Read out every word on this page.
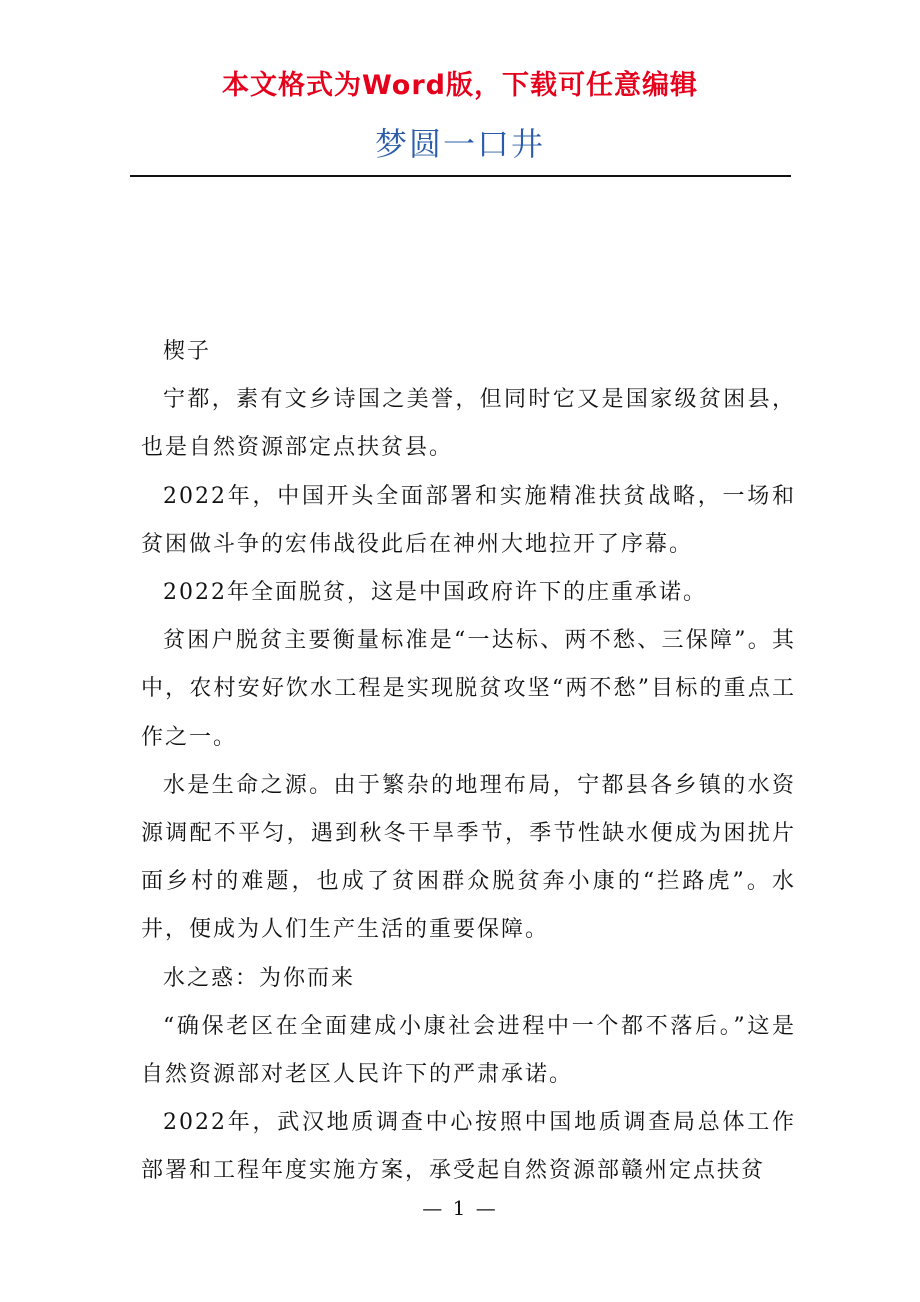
本文格式为Word版，下载可任意编辑
梦圆一口井

楔子

宁都，素有文乡诗国之美誉，但同时它又是国家级贫困县，也是自然资源部定点扶贫县。

2022年，中国开头全面部署和实施精准扶贫战略，一场和贫困做斗争的宏伟战役此后在神州大地拉开了序幕。

2022年全面脱贫，这是中国政府许下的庄重承诺。

贫困户脱贫主要衡量标准是“一达标、两不愁、三保障”。其中，农村安好饮水工程是实现脱贫攻坚“两不愁”目标的重点工作之一。

水是生命之源。由于繁杂的地理布局，宁都县各乡镇的水资源调配不平匀，遇到秋冬干旱季节，季节性缺水便成为困扰片面乡村的难题，也成了贫困群众脱贫奔小康的“拦路虎”。水井，便成为人们生产生活的重要保障。

水之惑：为你而来

“确保老区在全面建成小康社会进程中一个都不落后。”这是自然资源部对老区人民许下的严肃承诺。

2022年，武汉地质调查中心按照中国地质调查局总体工作部署和工程年度实施方案，承受起自然资源部赣州定点扶贫

— 1 —
